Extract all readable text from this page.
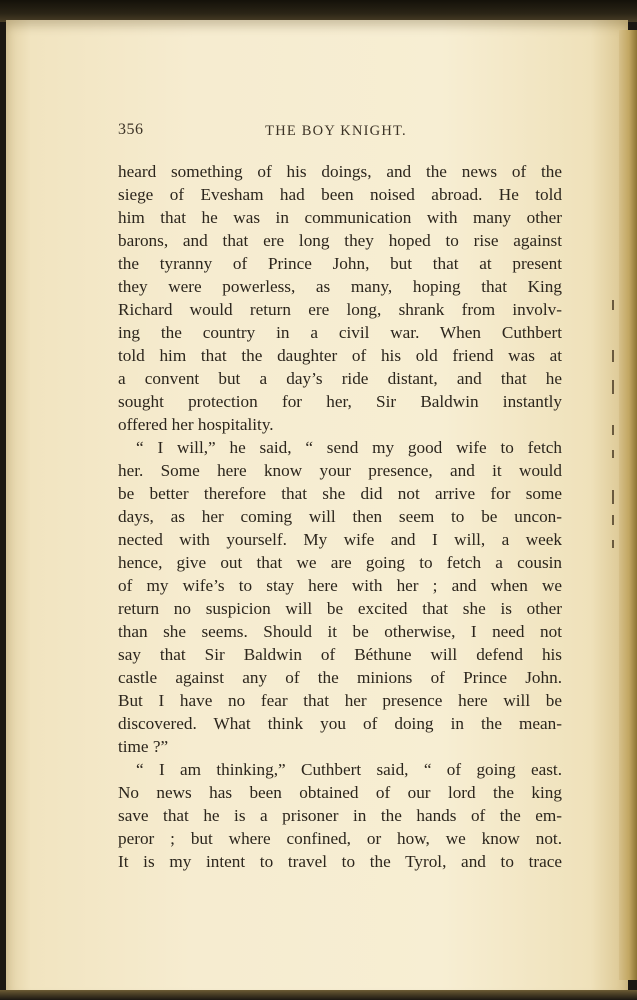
356	THE BOY KNIGHT.
heard something of his doings, and the news of the
siege of Evesham had been noised abroad. He told
him that he was in communication with many other
barons, and that ere long they hoped to rise against
the tyranny of Prince John, but that at present
they were powerless, as many, hoping that King
Richard would return ere long, shrank from involv-
ing the country in a civil war. When Cuthbert
told him that the daughter of his old friend was at
a convent but a day’s ride distant, and that he
sought protection for her, Sir Baldwin instantly
offered her hospitality.
“ I will,” he said, “ send my good wife to fetch
her. Some here know your presence, and it would
be better therefore that she did not arrive for some
days, as her coming will then seem to be uncon-
nected with yourself. My wife and I will, a week
hence, give out that we are going to fetch a cousin
of my wife’s to stay here with her ; and when we
return no suspicion will be excited that she is other
than she seems. Should it be otherwise, I need not
say that Sir Baldwin of Béthune will defend his
castle against any of the minions of Prince John.
But I have no fear that her presence here will be
discovered. What think you of doing in the mean-
time ?”
“ I am thinking,” Cuthbert said, “ of going east.
No news has been obtained of our lord the king
save that he is a prisoner in the hands of the em-
peror ; but where confined, or how, we know not.
It is my intent to travel to the Tyrol, and to trace
